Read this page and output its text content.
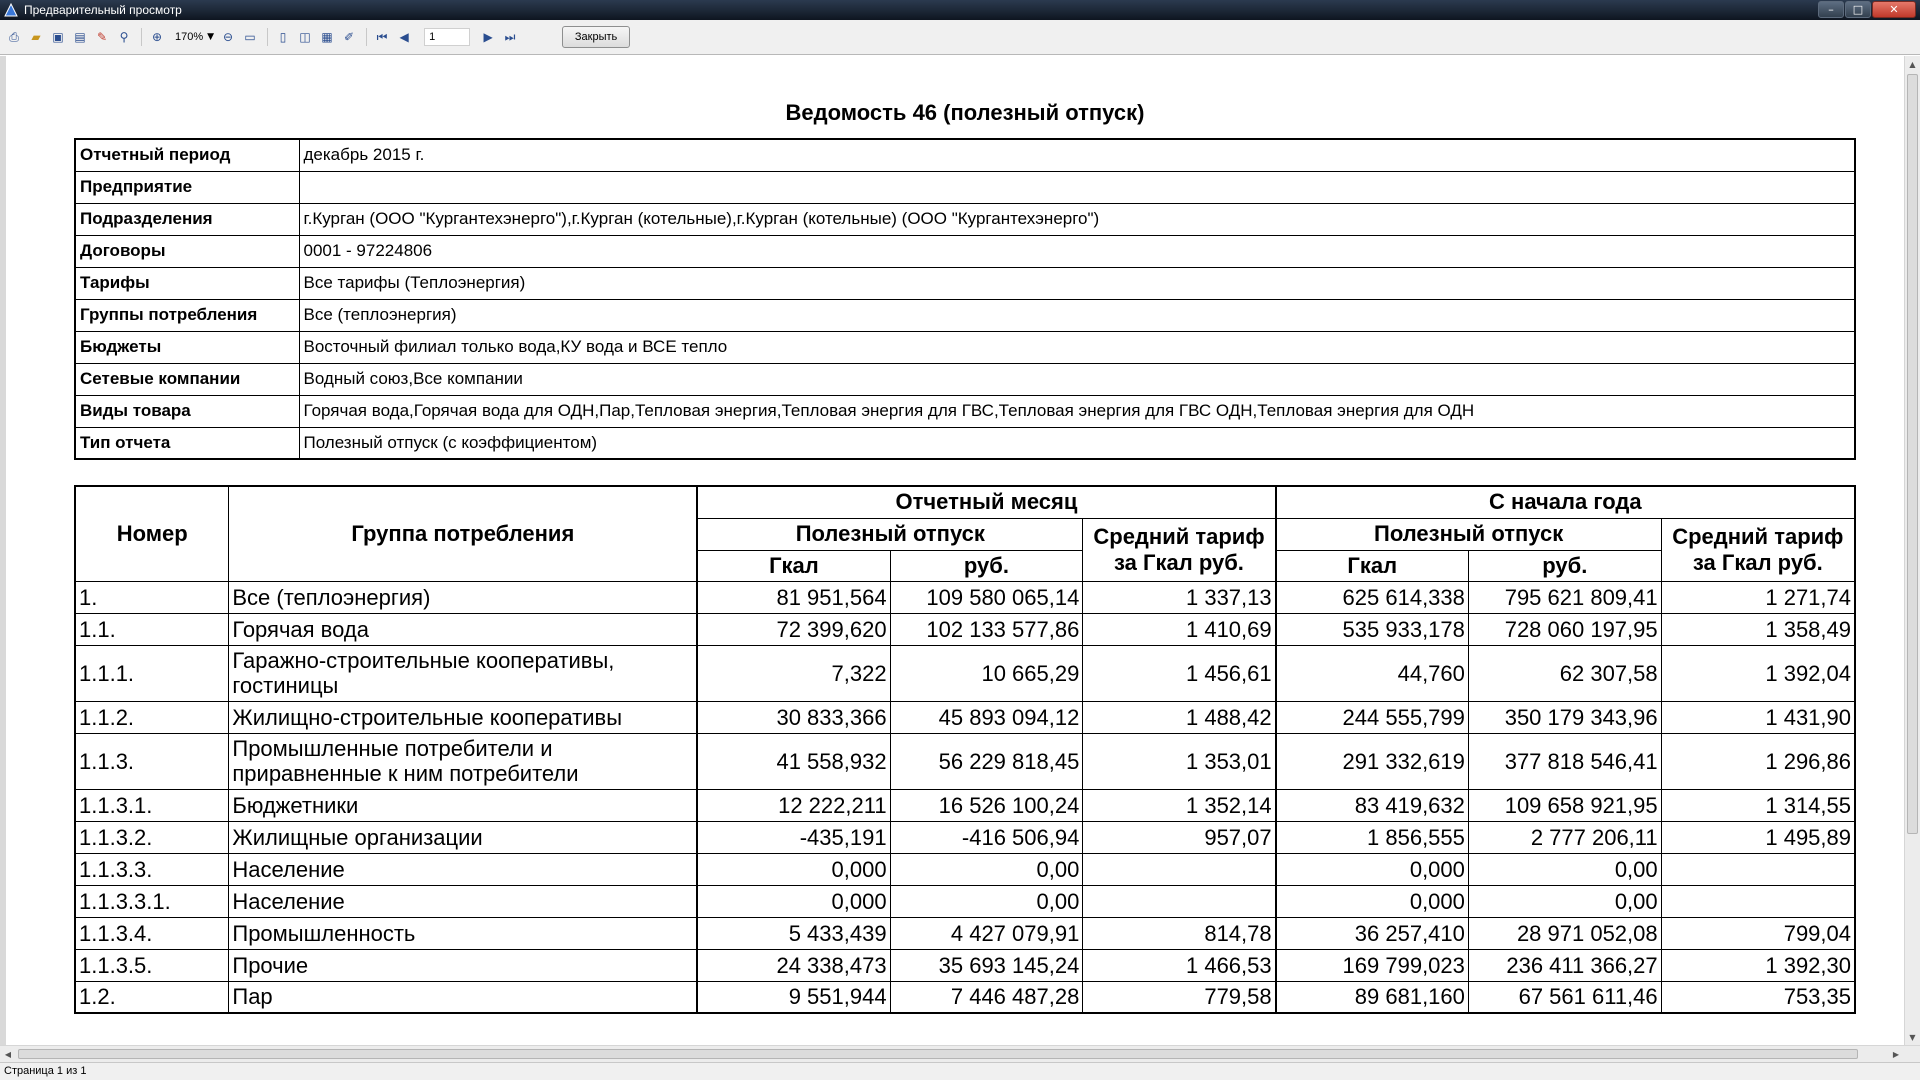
Предварительный просмотр	–	□	✕
⎙	▰ ▣ ▤ ✎	⚲	⊕	170% ▼ ⊖ ▭	▯	◫ ▦ ✐	⏮ ◀
1	▶ ⏭	Закрыть
Ведомость 46 (полезный отпуск)
Отчетный период	декабрь 2015 г.
Предприятие	
Подразделения	г.Курган (ООО "Кургантехэнерго"),г.Курган (котельные),г.Курган (котельные) (ООО "Кургантехэнерго")
Договоры	0001 - 97224806
Тарифы	Все тарифы (Теплоэнергия)
Группы потребления	Все (теплоэнергия)
Бюджеты	Восточный филиал только вода,КУ вода и ВСЕ тепло
Сетевые компании	Водный союз,Все компании
Виды товара	Горячая вода,Горячая вода для ОДН,Пар,Тепловая энергия,Тепловая энергия для ГВС,Тепловая энергия для ГВС ОДН,Тепловая энергия для ОДН
Тип отчета	Полезный отпуск (с коэффициентом)
Номер	Группа потребления	Отчетный месяц			С начала года		
		Полезный отпуск		Средний тариф за Гкал руб.	Полезный отпуск		Средний тариф за Гкал руб.
		Гкал	руб.		Гкал	руб.	
1.	Все (теплоэнергия)	81 951,564	109 580 065,14	1 337,13	625 614,338	795 621 809,41	1 271,74
1.1.	Горячая вода	72 399,620	102 133 577,86	1 410,69	535 933,178	728 060 197,95	1 358,49
1.1.1.	Гаражно-строительные кооперативы, гостиницы	7,322	10 665,29	1 456,61	44,760	62 307,58	1 392,04
1.1.2.	Жилищно-строительные кооперативы	30 833,366	45 893 094,12	1 488,42	244 555,799	350 179 343,96	1 431,90
1.1.3.	Промышленные потребители и приравненные к ним потребители	41 558,932	56 229 818,45	1 353,01	291 332,619	377 818 546,41	1 296,86
1.1.3.1.	Бюджетники	12 222,211	16 526 100,24	1 352,14	83 419,632	109 658 921,95	1 314,55
1.1.3.2.	Жилищные организации	-435,191	-416 506,94	957,07	1 856,555	2 777 206,11	1 495,89
1.1.3.3.	Население	0,000	0,00		0,000	0,00	
1.1.3.3.1.	Население	0,000	0,00		0,000	0,00	
1.1.3.4.	Промышленность	5 433,439	4 427 079,91	814,78	36 257,410	28 971 052,08	799,04
1.1.3.5.	Прочие	24 338,473	35 693 145,24	1 466,53	169 799,023	236 411 366,27	1 392,30
1.2.	Пар	9 551,944	7 446 487,28	779,58	89 681,160	67 561 611,46	753,35
▲
▼
◀	▶
Страница 1 из 1
